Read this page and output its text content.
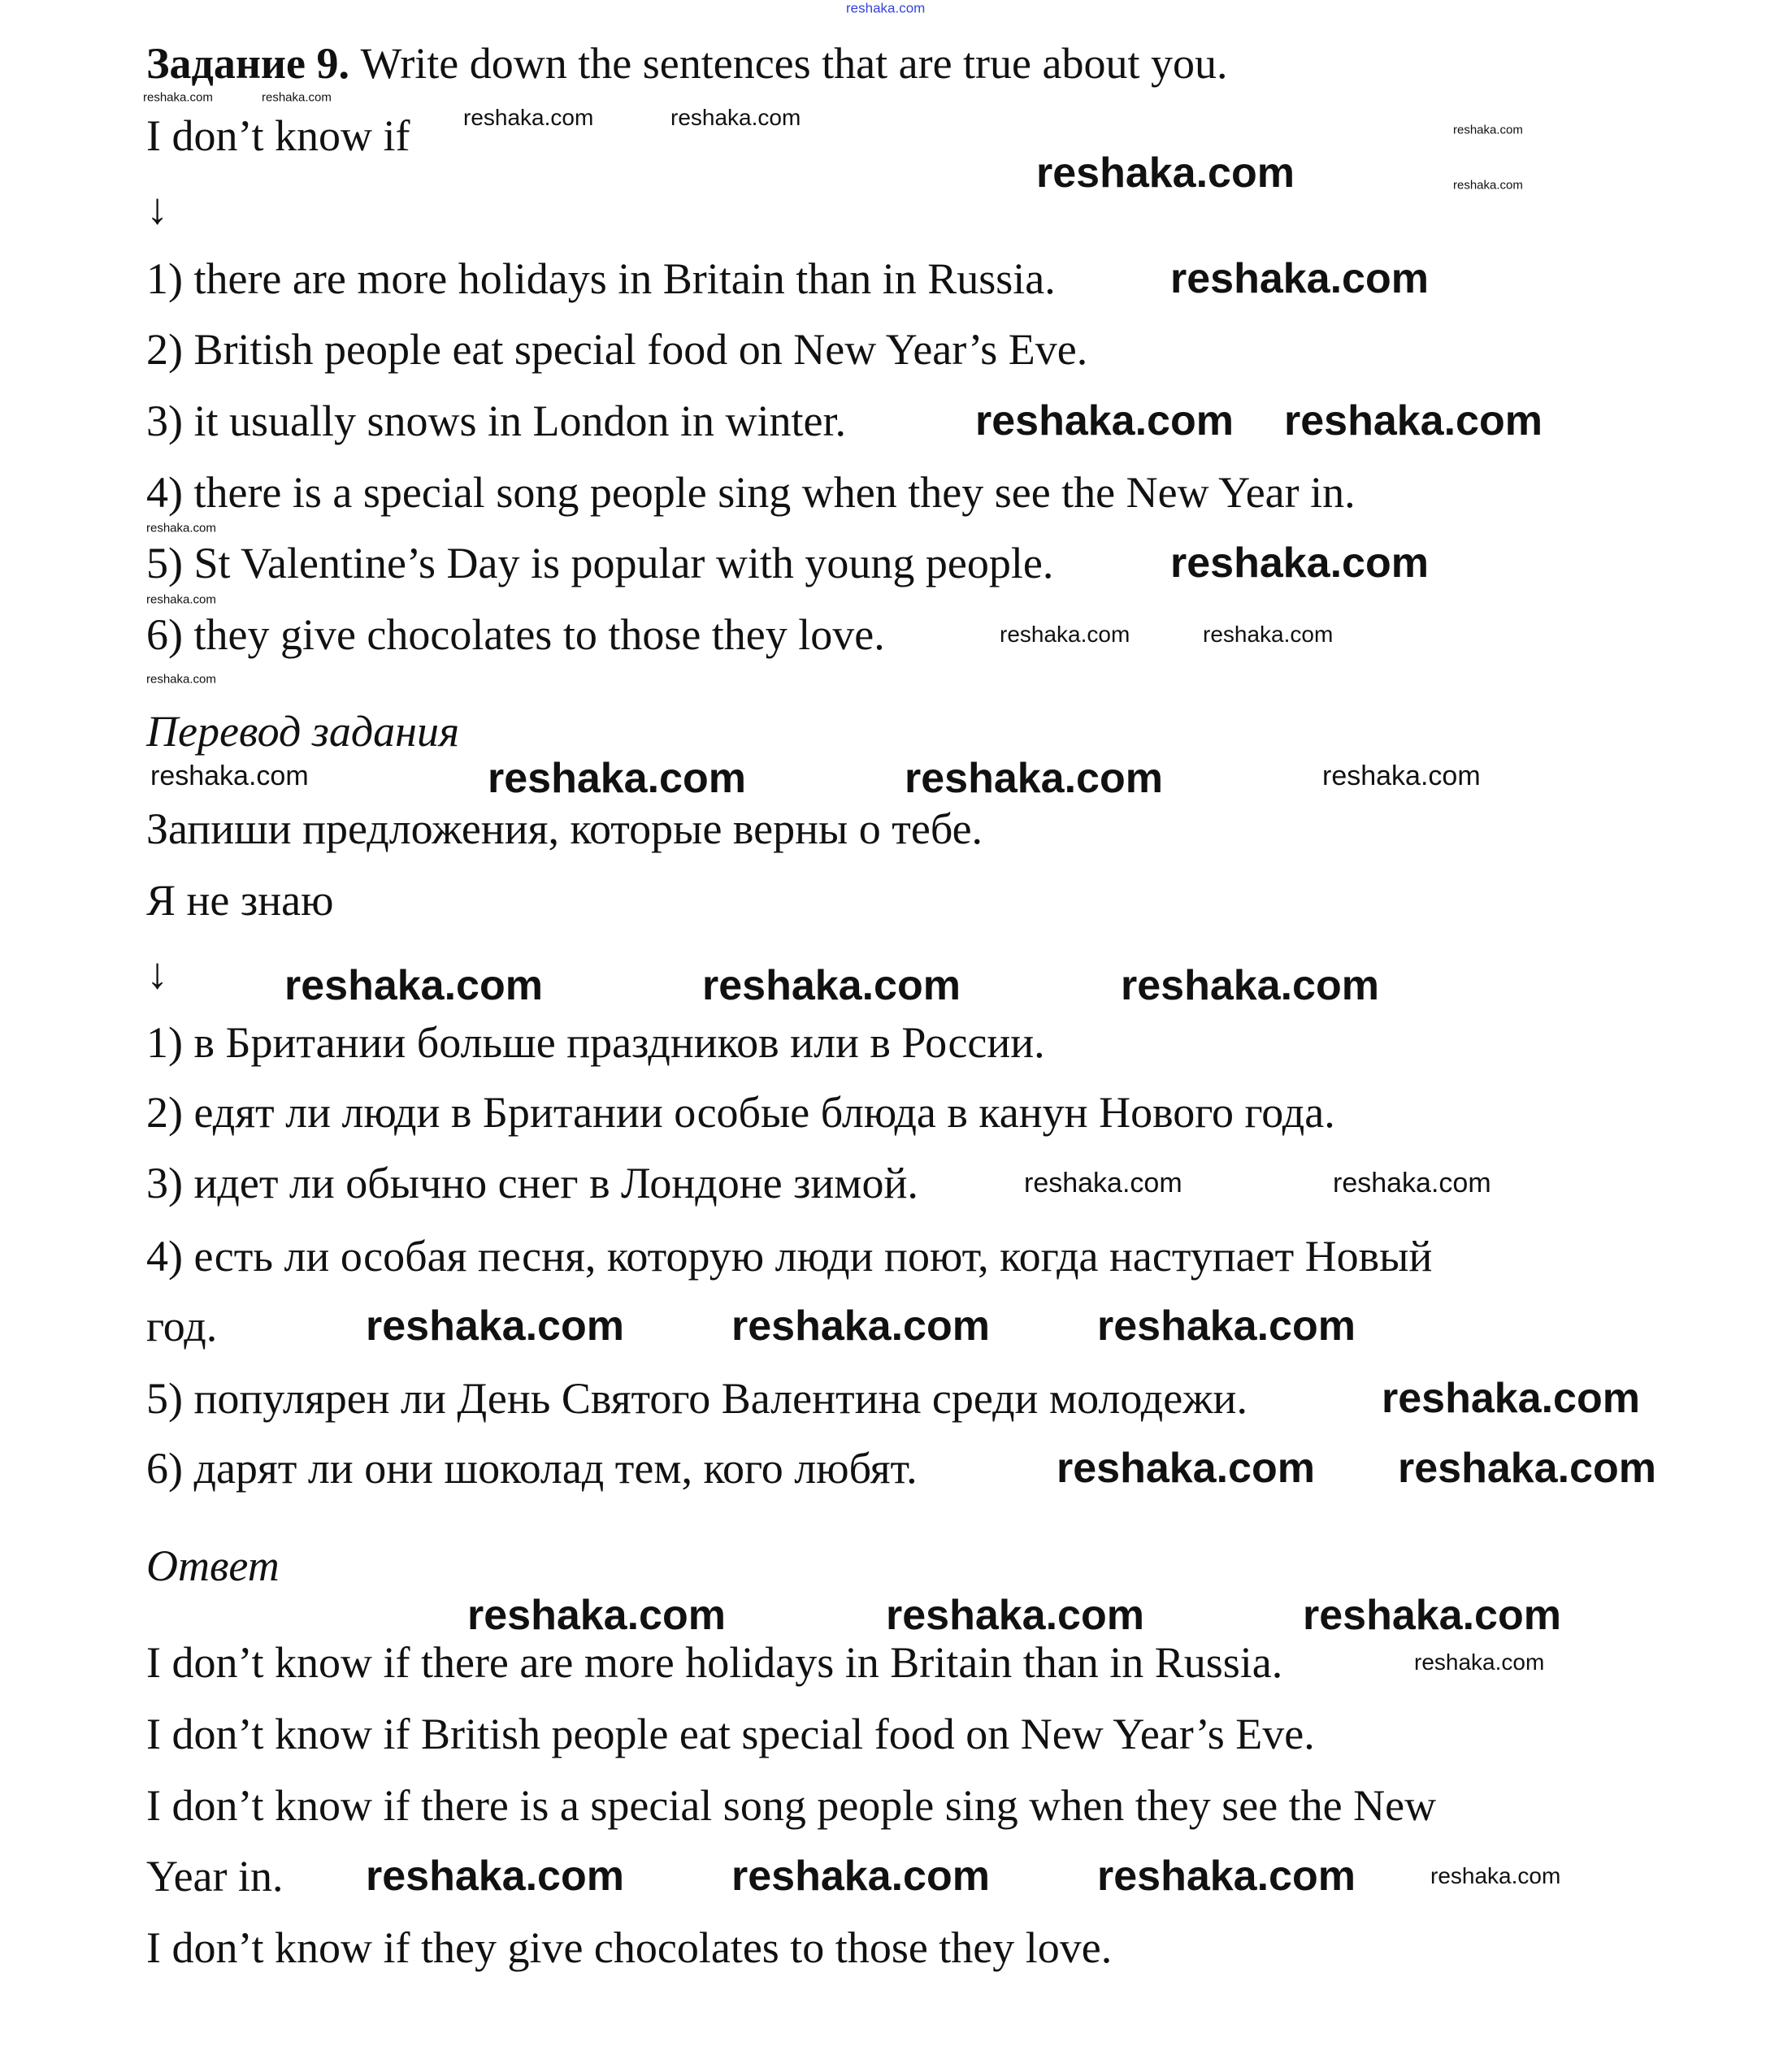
Задание 9. Write down the sentences that are true about you.
I don’t know if
↓
1) there are more holidays in Britain than in Russia.
2) British people eat special food on New Year’s Eve.
3) it usually snows in London in winter.
4) there is a special song people sing when they see the New Year in.
5) St Valentine’s Day is popular with young people.
6) they give chocolates to those they love.
Перевод задания
Запиши предложения, которые верны о тебе.
Я не знаю
↓
1) в Британии больше праздников или в России.
2) едят ли люди в Британии особые блюда в канун Нового года.
3) идет ли обычно снег в Лондоне зимой.
4) есть ли особая песня, которую люди поют, когда наступает Новый
год.
5) популярен ли День Святого Валентина среди молодежи.
6) дарят ли они шоколад тем, кого любят.
Ответ
I don’t know if there are more holidays in Britain than in Russia.
I don’t know if British people eat special food on New Year’s Eve.
I don’t know if there is a special song people sing when they see the New
Year in.
I don’t know if they give chocolates to those they love.
reshaka.com
reshaka.com	reshaka.com
reshaka.com
reshaka.com
reshaka.com
reshaka.com
reshaka.com
reshaka.com	reshaka.com
reshaka.com	reshaka.com
reshaka.com	reshaka.com
reshaka.com	reshaka.com
reshaka.com
reshaka.com
reshaka.com
reshaka.com
reshaka.com reshaka.com
reshaka.com
reshaka.com	reshaka.com
reshaka.com	reshaka.com	reshaka.com
reshaka.com	reshaka.com	reshaka.com
reshaka.com reshaka.com
reshaka.com
reshaka.com	reshaka.com	reshaka.com
reshaka.com	reshaka.com	reshaka.com
